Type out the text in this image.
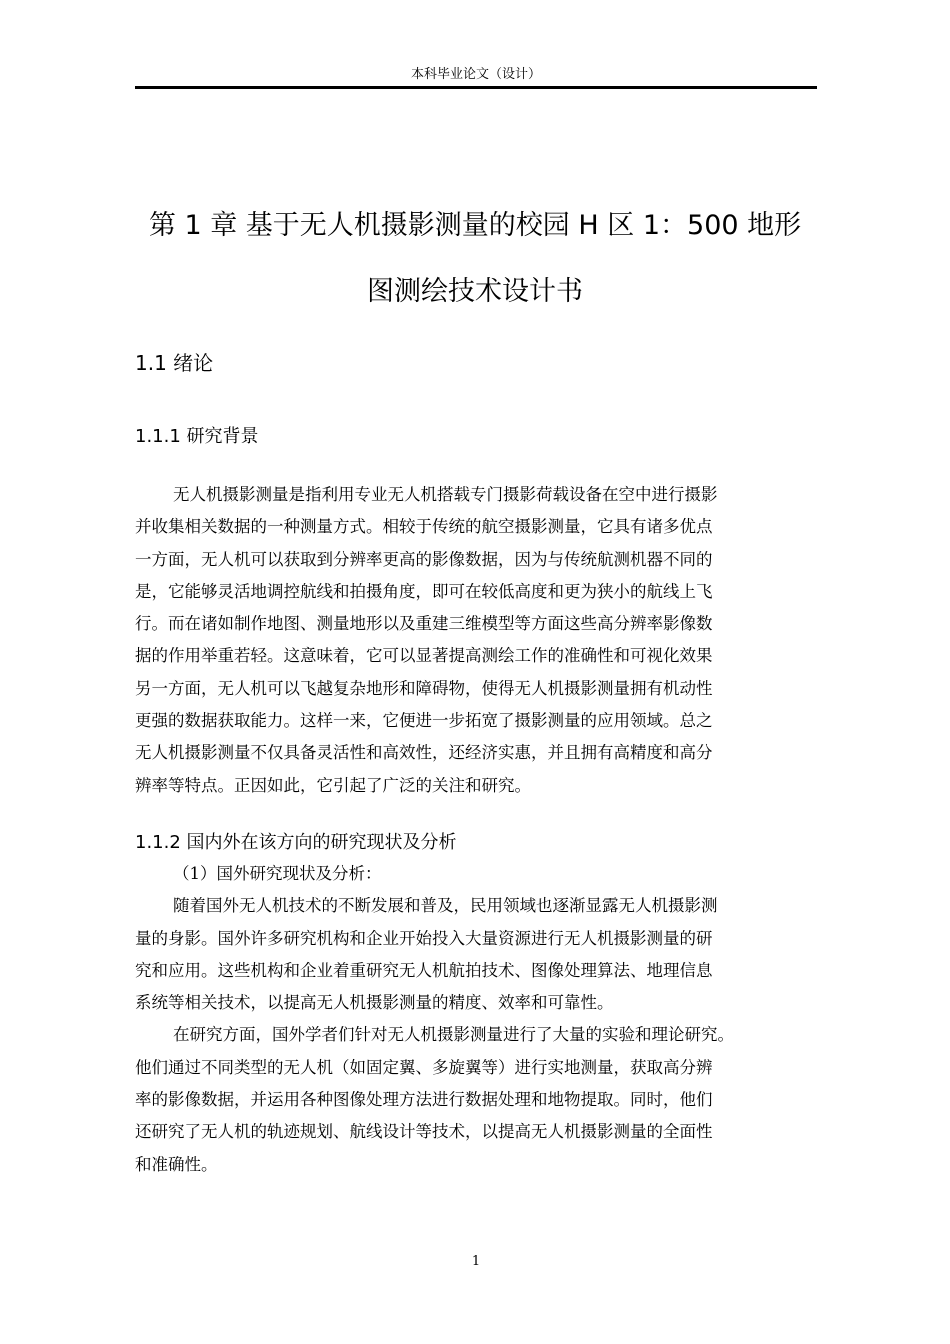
本科毕业论文（设计）
第 1 章 基于无人机摄影测量的校园 H 区 1：500 地形
图测绘技术设计书
1.1 绪论
1.1.1 研究背景
无人机摄影测量是指利用专业无人机搭载专门摄影荷载设备在空中进行摄影
并收集相关数据的一种测量方式。相较于传统的航空摄影测量，它具有诸多优点
一方面，无人机可以获取到分辨率更高的影像数据，因为与传统航测机器不同的
是，它能够灵活地调控航线和拍摄角度，即可在较低高度和更为狭小的航线上飞
行。而在诸如制作地图、测量地形以及重建三维模型等方面这些高分辨率影像数
据的作用举重若轻。这意味着，它可以显著提高测绘工作的准确性和可视化效果
另一方面，无人机可以飞越复杂地形和障碍物，使得无人机摄影测量拥有机动性
更强的数据获取能力。这样一来，它便进一步拓宽了摄影测量的应用领域。总之
无人机摄影测量不仅具备灵活性和高效性，还经济实惠，并且拥有高精度和高分
辨率等特点。正因如此，它引起了广泛的关注和研究。
1.1.2 国内外在该方向的研究现状及分析
（1）国外研究现状及分析：
随着国外无人机技术的不断发展和普及，民用领域也逐渐显露无人机摄影测
量的身影。国外许多研究机构和企业开始投入大量资源进行无人机摄影测量的研
究和应用。这些机构和企业着重研究无人机航拍技术、图像处理算法、地理信息
系统等相关技术，以提高无人机摄影测量的精度、效率和可靠性。
在研究方面，国外学者们针对无人机摄影测量进行了大量的实验和理论研究。
他们通过不同类型的无人机（如固定翼、多旋翼等）进行实地测量，获取高分辨
率的影像数据，并运用各种图像处理方法进行数据处理和地物提取。同时，他们
还研究了无人机的轨迹规划、航线设计等技术，以提高无人机摄影测量的全面性
和准确性。
1
